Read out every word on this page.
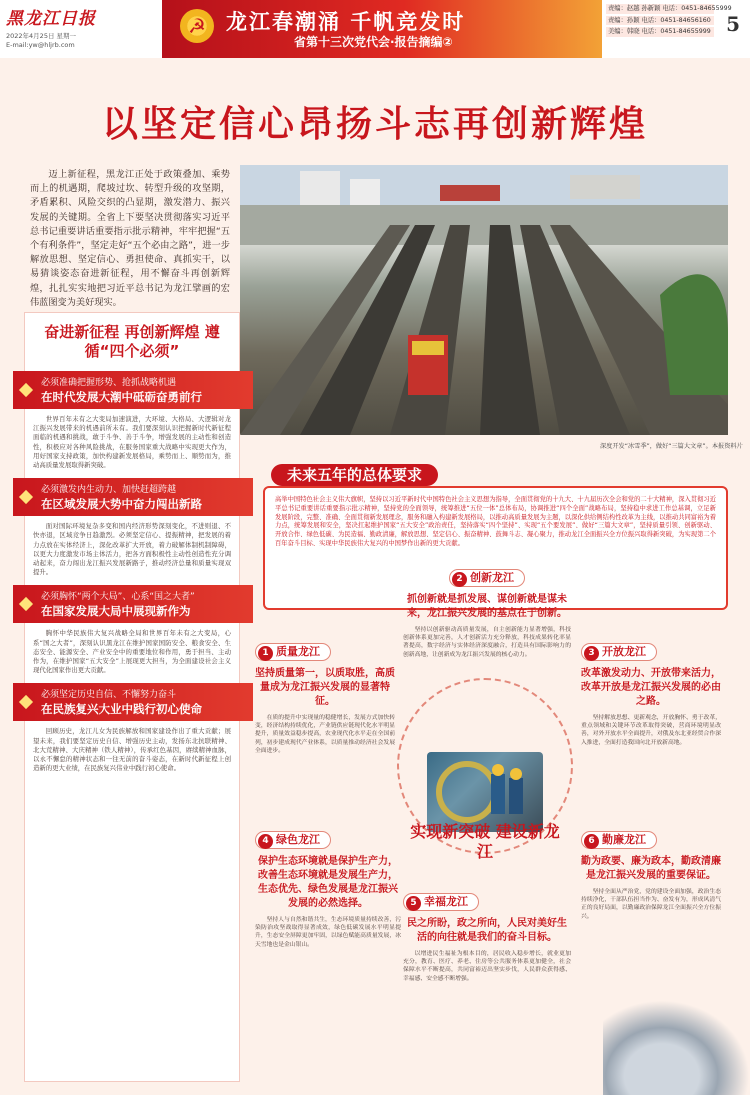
黑龙江日报
2022年4月25日 星期一
E-mail:yw@hljrb.com
☭ 龙江春潮涌 千帆竞发时
省第十三次党代会·报告摘编②
责编：赵越 孙新颖 电话：0451-84655999
责编：孙颖 电话：0451-84656160
美编：韩晓 电话：0451-84655999 5
以坚定信心昂扬斗志再创新辉煌
迈上新征程，黑龙江正处于政策叠加、乘势而上的机遇期，爬坡过坎、转型升级的攻坚期，矛盾累积、风险交织的凸显期，激发潜力、振兴发展的关键期。全省上下要坚决贯彻落实习近平总书记重要讲话重要指示批示精神，牢牢把握“五个有利条件”，坚定走好“五个必由之路”，进一步解放思想、坚定信心、勇担使命、真抓实干，以易猜谈姿态奋进新征程，用不懈奋斗再创新辉煌，扎扎实实地把习近平总书记为龙江擘画的宏伟蓝图变为美好现实。
深度开发“冰雪季”，做好“三篇大文章”。本报资料片
奋进新征程 再创新辉煌 遵循“四个必须”
必须准确把握形势、抢抓战略机遇
在时代发展大潮中砥砺奋勇前行
世界百年未有之大变局加速演进，大环境、大格局、大逻辑对龙江振兴发展带来的机遇前所未有。我们要深刻认识把握新时代新征程面临的机遇和挑战，敢于斗争、善于斗争，增强发展的主动性和创造性，积极应对各种风险挑战，在服务国家重大战略中实现更大作为，用好国家支持政策，加快构建新发展格局，乘势而上、顺势而为，推动高质量发展取得新突破。
必须激发内生动力、加快赶超跨越
在区域发展大势中奋力闯出新路
面对国际环境复杂多变和国内经济形势深刻变化，不进则退、不快亦退，区域竞争日趋激烈。必须坚定信心、提振精神，把发展的着力点放在实体经济上，深化改革扩大开放，着力破解体制机制障碍，以更大力度激发市场主体活力，把各方面积极性主动性创造性充分调动起来，奋力闯出龙江振兴发展新路子，推动经济总量和质量实现双提升。
必须胸怀“两个大局”、心系“国之大者”
在国家发展大局中展现新作为
胸怀中华民族伟大复兴战略全局和世界百年未有之大变局，心系“国之大者”，深刻认识黑龙江在维护国家国防安全、粮食安全、生态安全、能源安全、产业安全中的重要地位和作用，勇于担当、主动作为，在维护国家“五大安全”上展现更大担当，为全面建设社会主义现代化国家作出更大贡献。
必须坚定历史自信、不懈努力奋斗
在民族复兴大业中践行初心使命
回顾历史，龙江儿女为民族解放和国家建设作出了重大贡献；展望未来，我们要坚定历史自信、增强历史主动，发扬东北抗联精神、北大荒精神、大庆精神（铁人精神），传承红色基因，赓续精神血脉，以永不懈怠的精神状态和一往无前的奋斗姿态，在新时代新征程上创造新的更大业绩，在民族复兴伟业中践行初心使命。
高举中国特色社会主义伟大旗帜，坚持以习近平新时代中国特色社会主义思想为指导，全面贯彻党的十九大、十九届历次全会和党的二十大精神，深入贯彻习近平总书记重要讲话重要指示批示精神，坚持党的全面领导，统筹推进“五位一体”总体布局，协调推进“四个全面”战略布局，坚持稳中求进工作总基调，立足新发展阶段，完整、准确、全面贯彻新发展理念，服务和融入构建新发展格局，以推动高质量发展为主题，以深化供给侧结构性改革为主线，以推动共同富裕为着力点，统筹发展和安全，坚决扛起维护国家“五大安全”政治责任，坚持落实“四个坚持”、实现“五个要发展”、做好“三篇大文章”，坚持质量引领、创新驱动、开放合作、绿色低碳、为民造福、勤政清廉，解放思想、坚定信心、振奋精神、鼓舞斗志、凝心聚力，推动龙江全面振兴全方位振兴取得新突破，为实现第二个百年奋斗目标、实现中华民族伟大复兴的中国梦作出新的更大贡献。
未来五年的总体要求
实现新突破 建设新龙江
2 创新龙江
抓创新就是抓发展、谋创新就是谋未来，龙江振兴发展的基点在于创新。
坚持以创新驱动高质量发展，自主创新能力显著增强，科技创新体系更加完善，人才创新活力充分释放，科技成果转化率显著提高，数字经济与实体经济深度融合，打造具有国际影响力的创新高地，让创新成为龙江振兴发展的核心动力。
1 质量龙江
坚持质量第一，以质取胜，高质量成为龙江振兴发展的显著特征。
在质的提升中实现量的稳健增长，发展方式加快转变，经济结构持续优化，产业链供应链现代化水平明显提升，质量效益稳步提高，农业现代化水平走在全国前列，初步建成现代产业体系，以质量推动经济社会发展全面进步。
3 开放龙江
改革激发动力、开放带来活力，改革开放是龙江振兴发展的必由之路。
坚持解放思想、更新观念，开放胸怀、勇于改革，重点领域和关键环节改革取得突破，营商环境明显改善，对外开放水平全面提升，对俄及东北亚经贸合作深入推进，全面打造我国向北开放新高地。
4 绿色龙江
保护生态环境就是保护生产力，改善生态环境就是发展生产力，生态优先、绿色发展是龙江振兴发展的必然选择。
坚持人与自然和谐共生，生态环境质量持续改善，污染防治攻坚战取得显著成效，绿色低碳发展水平明显提升，生态安全屏障更加牢固，以绿色赋能高质量发展，冰天雪地也是金山银山。
6 勤廉龙江
勤为政要、廉为政本，勤政清廉是龙江振兴发展的重要保证。
坚持全面从严治党，党的建设全面加强，政治生态持续净化，干部队伍担当作为、奋发有为，形成风清气正的良好局面，以勤廉政治保障龙江全面振兴全方位振兴。
5 幸福龙江
民之所盼，政之所向，人民对美好生活的向往就是我们的奋斗目标。
以增进民生福祉为根本目的，居民收入稳步增长，就业更加充分，教育、医疗、养老、住房等公共服务体系更加健全，社会保障水平不断提高，共同富裕迈出坚实步伐，人民群众获得感、幸福感、安全感不断增强。
